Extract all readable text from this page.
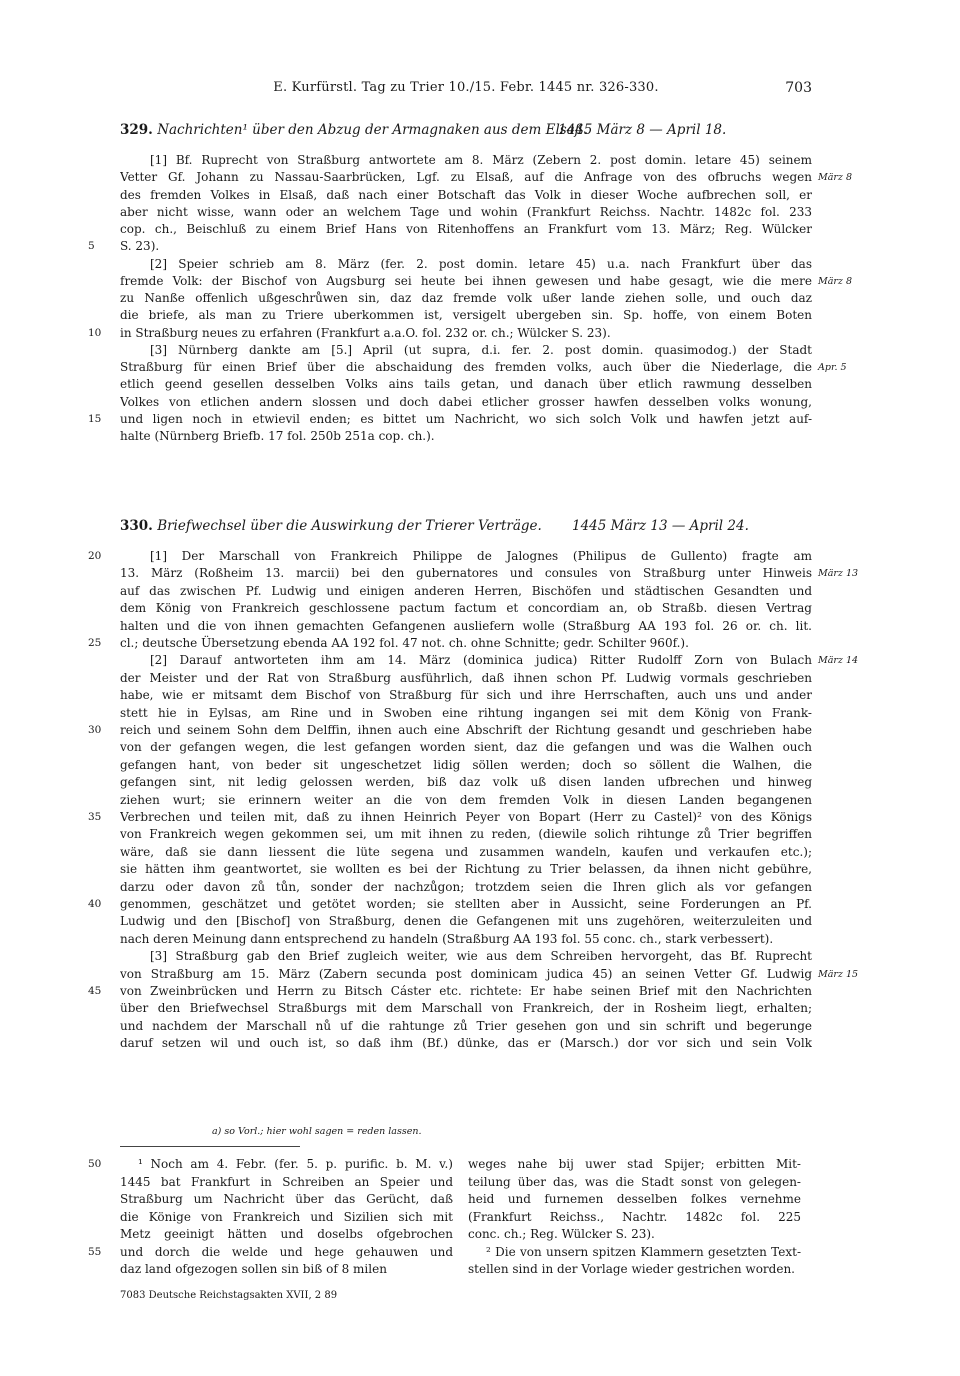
E. Kurfürstl. Tag zu Trier 10./15. Febr. 1445 nr. 326-330.	703
329. Nachrichten¹ über den Abzug der Armagnaken aus dem Elsaß.
1445 März 8 — April 18.
[1] Bf. Ruprecht von Straßburg antwortete am 8. März (Zebern 2. post domin. letare 45) seinem
Vetter Gf. Johann zu Nassau-Saarbrücken, Lgf. zu Elsaß, auf die Anfrage von des ofbruchs wegen März 8
des fremden Volkes in Elsaß, daß nach einer Botschaft das Volk in dieser Woche aufbrechen soll, er
aber nicht wisse, wann oder an welchem Tage und wohin (Frankfurt Reichss. Nachtr. 1482c fol. 233
cop. ch., Beischluß zu einem Brief Hans von Ritenhoffens an Frankfurt vom 13. März; Reg. Wülcker
S. 23).
5
[2] Speier schrieb am 8. März (fer. 2. post domin. letare 45) u.a. nach Frankfurt über das
fremde Volk: der Bischof von Augsburg sei heute bei ihnen gewesen und habe gesagt, wie die mere März 8
zu Nanße offenlich ußgeschrůwen sin, daz daz fremde volk ußer lande ziehen solle, und ouch daz
die briefe, als man zu Triere uberkommen ist, versigelt ubergeben sin. Sp. hoffe, von einem Boten
in Straßburg neues zu erfahren (Frankfurt a.a.O. fol. 232 or. ch.; Wülcker S. 23).
10
[3] Nürnberg dankte am [5.] April (ut supra, d.i. fer. 2. post domin. quasimodog.) der Stadt
Straßburg für einen Brief über die abschaidung des fremden volks, auch über die Niederlage, die Apr. 5
etlich geend gesellen desselben Volks ains tails getan, und danach über etlich rawmung desselben
Volkes von etlichen andern slossen und doch dabei etlicher grosser hawfen desselben volks wonung,
und ligen noch in etwievil enden; es bittet um Nachricht, wo sich solch Volk und hawfen jetzt auf-
15
halte (Nürnberg Briefb. 17 fol. 250b 251a cop. ch.).
330. Briefwechsel über die Auswirkung der Trierer Verträge. 1445 März 13 — April 24.
[1] Der Marschall von Frankreich Philippe de Jalognes (Philipus de Gullento) fragte am
20
13. März (Roßheim 13. marcii) bei den gubernatores und consules von Straßburg unter Hinweis März 13
auf das zwischen Pf. Ludwig und einigen anderen Herren, Bischöfen und städtischen Gesandten und
dem König von Frankreich geschlossene pactum factum et concordiam an, ob Straßb. diesen Vertrag
halten und die von ihnen gemachten Gefangenen ausliefern wolle (Straßburg AA 193 fol. 26 or. ch. lit.
cl.; deutsche Übersetzung ebenda AA 192 fol. 47 not. ch. ohne Schnitte; gedr. Schilter 960f.).
25
[2] Darauf antworteten ihm am 14. März (dominica judica) Ritter Rudolff Zorn von Bulach März 14
der Meister und der Rat von Straßburg ausführlich, daß ihnen schon Pf. Ludwig vormals geschrieben
habe, wie er mitsamt dem Bischof von Straßburg für sich und ihre Herrschaften, auch uns und ander
stett hie in Eylsas, am Rine und in Swoben eine rihtung ingangen sei mit dem König von Frank-
reich und seinem Sohn dem Delffin, ihnen auch eine Abschrift der Richtung gesandt und geschrieben habe
30
von der gefangen wegen, die lest gefangen worden sient, daz die gefangen und was die Walhen ouch
gefangen hant, von beder sit ungeschetzet lidig söllen werden; doch so söllent die Walhen, die
gefangen sint, nit ledig gelossen werden, biß daz volk uß disen landen ufbrechen und hinweg
ziehen wurt; sie erinnern weiter an die von dem fremden Volk in diesen Landen begangenen
Verbrechen und teilen mit, daß zu ihnen Heinrich Peyer von Bopart (Herr zu Castel)² von des Königs
35
von Frankreich wegen gekommen sei, um mit ihnen zu reden, (diewile solich rihtunge zů Trier begriffen
wäre, daß sie dann liessent die lüte segena und zusammen wandeln, kaufen und verkaufen etc.);
sie hätten ihm geantwortet, sie wollten es bei der Richtung zu Trier belassen, da ihnen nicht gebühre,
darzu oder davon zů tůn, sonder der nachzůgon; trotzdem seien die Ihren glich als vor gefangen
genommen, geschätzet und getötet worden; sie stellten aber in Aussicht, seine Forderungen an Pf.
40
Ludwig und den [Bischof] von Straßburg, denen die Gefangenen mit uns zugehören, weiterzuleiten und
nach deren Meinung dann entsprechend zu handeln (Straßburg AA 193 fol. 55 conc. ch., stark verbessert).
[3] Straßburg gab den Brief zugleich weiter, wie aus dem Schreiben hervorgeht, das Bf. Ruprecht
von Straßburg am 15. März (Zabern secunda post dominicam judica 45) an seinen Vetter Gf. Ludwig März 15
von Zweinbrücken und Herrn zu Bitsch Cáster etc. richtete: Er habe seinen Brief mit den Nachrichten
45
über den Briefwechsel Straßburgs mit dem Marschall von Frankreich, der in Rosheim liegt, erhalten;
und nachdem der Marschall nů uf die rahtunge zů Trier gesehen gon und sin schrift und begerunge
daruf setzen wil und ouch ist, so daß ihm (Bf.) dünke, das er (Marsch.) dor vor sich und sein Volk
a) so Vorl.; hier wohl sagen = reden lassen.
¹ Noch am 4. Febr. (fer. 5. p. purific. b. M. v.)
1445 bat Frankfurt in Schreiben an Speier und
Straßburg um Nachricht über das Gerücht, daß
die Könige von Frankreich und Sizilien sich mit
Metz geeinigt hätten und doselbs ofgebrochen
und dorch die welde und hege gehauwen und
daz land ofgezogen sollen sin biß of 8 milen
weges nahe bij uwer stad Spijer; erbitten Mit-
teilung über das, was die Stadt sonst von gelegen-
heid und furnemen desselben folkes vernehme
(Frankfurt Reichss., Nachtr. 1482c fol. 225
conc. ch.; Reg. Wülcker S. 23).
² Die von unsern spitzen Klammern gesetzten Text-
stellen sind in der Vorlage wieder gestrichen worden.
7083 Deutsche Reichstagsakten XVII, 2 89
50
55
